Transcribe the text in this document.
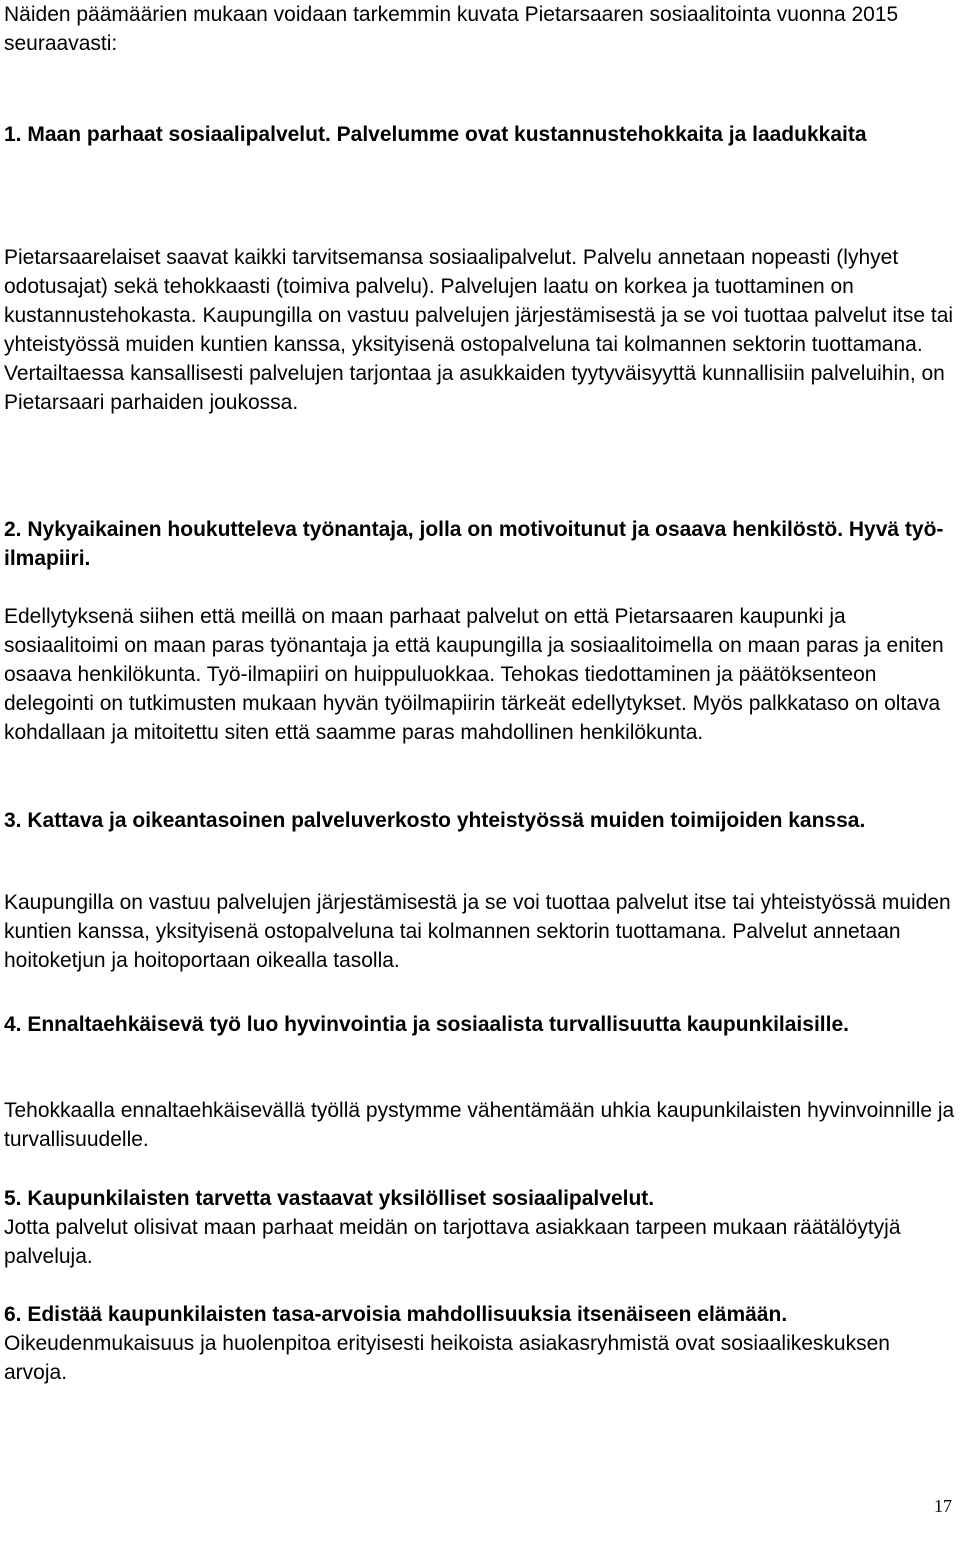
Näiden päämäärien mukaan voidaan tarkemmin kuvata Pietarsaaren sosiaalitointa vuonna 2015 seuraavasti:

1. Maan parhaat sosiaalipalvelut. Palvelumme ovat kustannustehokkaita ja laadukkaita

Pietarsaarelaiset saavat kaikki tarvitsemansa sosiaalipalvelut. Palvelu annetaan nopeasti (lyhyet odotusajat) sekä tehokkaasti (toimiva palvelu). Palvelujen laatu on korkea ja tuottaminen on kustannustehokasta. Kaupungilla on vastuu palvelujen järjestämisestä ja se voi tuottaa palvelut itse tai yhteistyössä muiden kuntien kanssa, yksityisenä ostopalveluna tai kolmannen sektorin tuottamana. Vertailtaessa kansallisesti palvelujen tarjontaa ja asukkaiden tyytyväisyyttä kunnallisiin palveluihin, on Pietarsaari parhaiden joukossa.

2. Nykyaikainen houkutteleva työnantaja, jolla on motivoitunut ja osaava henkilöstö. Hyvä työ-ilmapiiri.

Edellytyksenä siihen että meillä on maan parhaat palvelut on että Pietarsaaren kaupunki ja sosiaalitoimi on maan paras työnantaja ja että kaupungilla ja sosiaalitoimella on maan paras ja eniten osaava henkilökunta. Työ-ilmapiiri on huippuluokkaa. Tehokas tiedottaminen ja päätöksenteon delegointi on tutkimusten mukaan hyvän työilmapiirin tärkeät edellytykset. Myös palkkataso on oltava kohdallaan ja mitoitettu siten että saamme paras mahdollinen henkilökunta.

3. Kattava ja oikeantasoinen palveluverkosto yhteistyössä muiden toimijoiden kanssa.

Kaupungilla on vastuu palvelujen järjestämisestä ja se voi tuottaa palvelut itse tai yhteistyössä muiden kuntien kanssa, yksityisenä ostopalveluna tai kolmannen sektorin tuottamana. Palvelut annetaan hoitoketjun ja hoitoportaan oikealla tasolla.

4. Ennaltaehkäisevä työ luo hyvinvointia ja sosiaalista turvallisuutta kaupunkilaisille.

Tehokkaalla ennaltaehkäisevällä työllä pystymme vähentämään uhkia kaupunkilaisten hyvinvoinnille ja turvallisuudelle.

5. Kaupunkilaisten tarvetta vastaavat yksilölliset sosiaalipalvelut.

Jotta palvelut olisivat maan parhaat meidän on tarjottava asiakkaan tarpeen mukaan räätälöytyjä palveluja.

6. Edistää kaupunkilaisten tasa-arvoisia mahdollisuuksia itsenäiseen elämään.

Oikeudenmukaisuus ja huolenpitoa erityisesti heikoista asiakasryhmistä ovat sosiaalikeskuksen arvoja.

17
